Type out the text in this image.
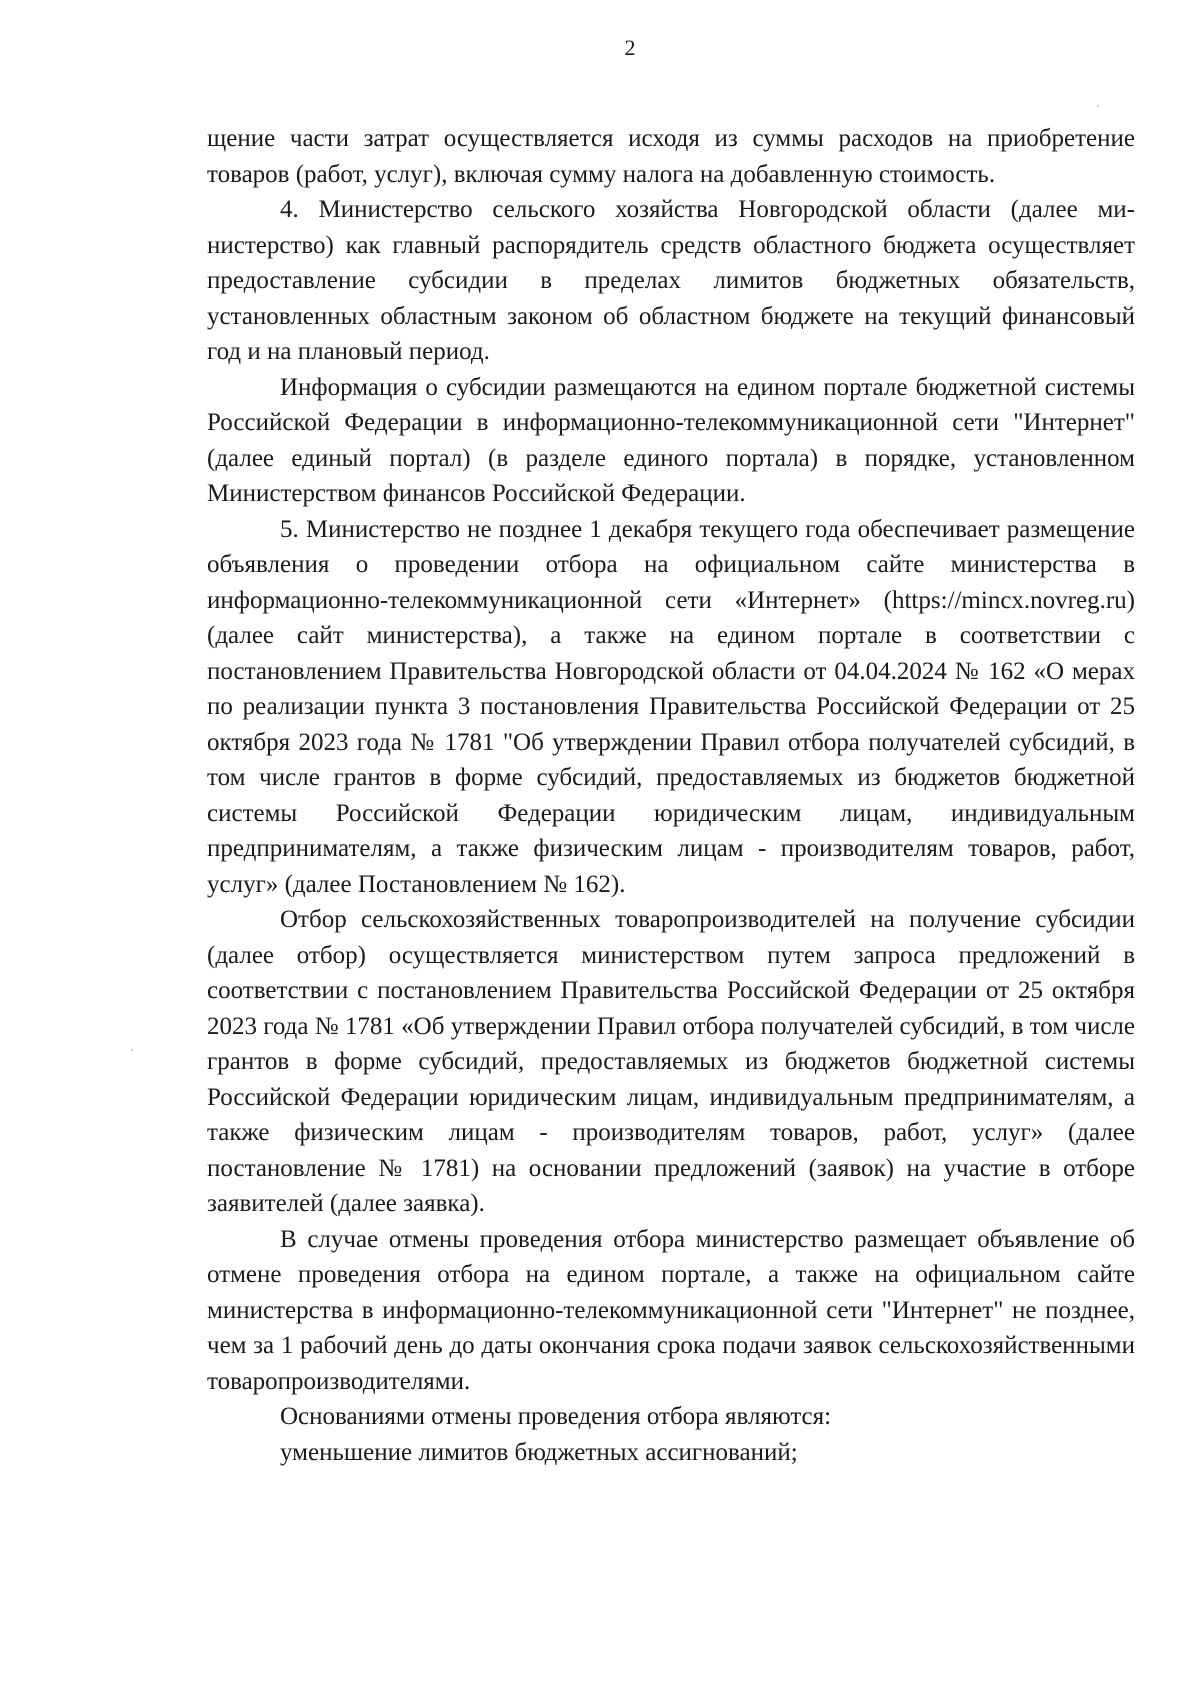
2

щение части затрат осуществляется исходя из суммы расходов на приобретение товаров (работ, услуг), включая сумму налога на добавленную стоимость.

4. Министерство сельского хозяйства Новгородской области (далее министерство) как главный распорядитель средств областного бюджета осуществляет предоставление субсидии в пределах лимитов бюджетных обязательств, установленных областным законом об областном бюджете на текущий финансовый год и на плановый период.

Информация о субсидии размещаются на едином портале бюджетной системы Российской Федерации в информационно-телекоммуникационной сети "Интернет" (далее единый портал) (в разделе единого портала) в порядке, установленном Министерством финансов Российской Федерации.

5. Министерство не позднее 1 декабря текущего года обеспечивает размещение объявления о проведении отбора на официальном сайте министерства в информационно-телекоммуникационной сети «Интернет» (https://mincx.novreg.ru) (далее сайт министерства), а также на едином портале в соответствии с постановлением Правительства Новгородской области от 04.04.2024 № 162 «О мерах по реализации пункта 3 постановления Правительства Российской Федерации от 25 октября 2023 года № 1781 "Об утверждении Правил отбора получателей субсидий, в том числе грантов в форме субсидий, предоставляемых из бюджетов бюджетной системы Российской Федерации юридическим лицам, индивидуальным предпринимателям, а также физическим лицам - производителям товаров, работ, услуг» (далее Постановлением № 162).

Отбор сельскохозяйственных товаропроизводителей на получение субсидии (далее отбор) осуществляется министерством путем запроса предложений в соответствии с постановлением Правительства Российской Федерации от 25 октября 2023 года № 1781 «Об утверждении Правил отбора получателей субсидий, в том числе грантов в форме субсидий, предоставляемых из бюджетов бюджетной системы Российской Федерации юридическим лицам, индивидуальным предпринимателям, а также физическим лицам - производителям товаров, работ, услуг» (далее постановление № 1781) на основании предложений (заявок) на участие в отборе заявителей (далее заявка).

В случае отмены проведения отбора министерство размещает объявление об отмене проведения отбора на едином портале, а также на официальном сайте министерства в информационно-телекоммуникационной сети "Интернет" не позднее, чем за 1 рабочий день до даты окончания срока подачи заявок сельскохозяйственными товаропроизводителями.

Основаниями отмены проведения отбора являются:

уменьшение лимитов бюджетных ассигнований;
